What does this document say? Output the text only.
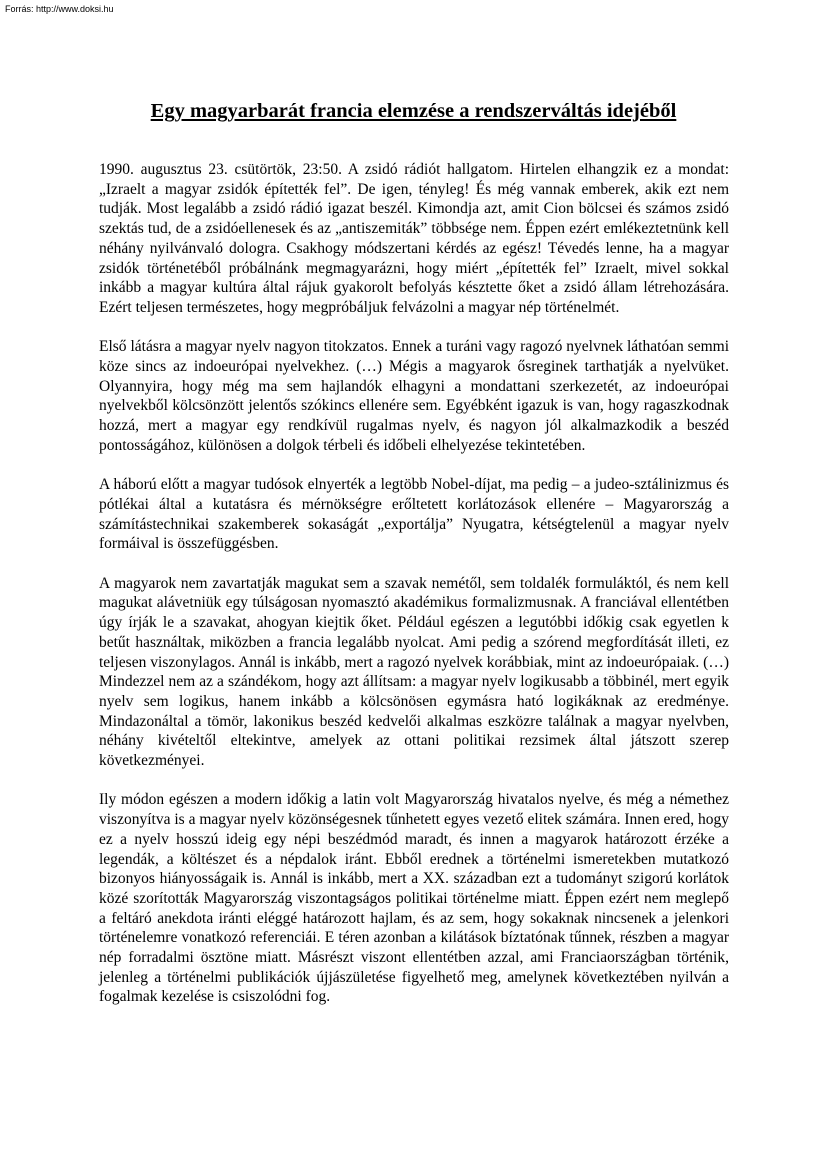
Forrás: http://www.doksi.hu
Egy magyarbarát francia elemzése a rendszerváltás idejéből

1990. augusztus 23. csütörtök, 23:50. A zsidó rádiót hallgatom. Hirtelen elhangzik ez a mondat: „Izraelt a magyar zsidók építették fel”. De igen, tényleg! És még vannak emberek, akik ezt nem tudják. Most legalább a zsidó rádió igazat beszél. Kimondja azt, amit Cion bölcsei és számos zsidó szektás tud, de a zsidóellenesek és az „antiszemiták” többsége nem. Éppen ezért emlékeztetnünk kell néhány nyilvánvaló dologra. Csakhogy módszertani kérdés az egész! Tévedés lenne, ha a magyar zsidók történetéből próbálnánk megmagyarázni, hogy miért „építették fel” Izraelt, mivel sokkal inkább a magyar kultúra által rájuk gyakorolt befolyás késztette őket a zsidó állam létrehozására. Ezért teljesen természetes, hogy megpróbáljuk felvázolni a magyar nép történelmét.

Első látásra a magyar nyelv nagyon titokzatos. Ennek a turáni vagy ragozó nyelvnek láthatóan semmi köze sincs az indoeurópai nyelvekhez. (…) Mégis a magyarok ősreginek tarthatják a nyelvüket. Olyannyira, hogy még ma sem hajlandók elhagyni a mondattani szerkezetét, az indoeurópai nyelvekből kölcsönzött jelentős szókincs ellenére sem. Egyébként igazuk is van, hogy ragaszkodnak hozzá, mert a magyar egy rendkívül rugalmas nyelv, és nagyon jól alkalmazkodik a beszéd pontosságához, különösen a dolgok térbeli és időbeli elhelyezése tekintetében.

A háború előtt a magyar tudósok elnyerték a legtöbb Nobel-díjat, ma pedig – a judeo-sztálinizmus és pótlékai által a kutatásra és mérnökségre erőltetett korlátozások ellenére – Magyarország a számítástechnikai szakemberek sokaságát „exportálja” Nyugatra, kétségtelenül a magyar nyelv formáival is összefüggésben.

A magyarok nem zavartatják magukat sem a szavak nemétől, sem toldalék formuláktól, és nem kell magukat alávetniük egy túlságosan nyomasztó akadémikus formalizmusnak. A franciával ellentétben úgy írják le a szavakat, ahogyan kiejtik őket. Például egészen a legutóbbi időkig csak egyetlen k betűt használtak, miközben a francia legalább nyolcat. Ami pedig a szórend megfordítását illeti, ez teljesen viszonylagos. Annál is inkább, mert a ragozó nyelvek korábbiak, mint az indoeurópaiak. (…) Mindezzel nem az a szándékom, hogy azt állítsam: a magyar nyelv logikusabb a többinél, mert egyik nyelv sem logikus, hanem inkább a kölcsönösen egymásra ható logikáknak az eredménye. Mindazonáltal a tömör, lakonikus beszéd kedvelői alkalmas eszközre találnak a magyar nyelvben, néhány kivételtől eltekintve, amelyek az ottani politikai rezsimek által játszott szerep következményei.

Ily módon egészen a modern időkig a latin volt Magyarország hivatalos nyelve, és még a némethez viszonyítva is a magyar nyelv közönségesnek tűnhetett egyes vezető elitek számára. Innen ered, hogy ez a nyelv hosszú ideig egy népi beszédmód maradt, és innen a magyarok határozott érzéke a legendák, a költészet és a népdalok iránt. Ebből erednek a történelmi ismeretekben mutatkozó bizonyos hiányosságaik is. Annál is inkább, mert a XX. században ezt a tudományt szigorú korlátok közé szorították Magyarország viszontagságos politikai történelme miatt. Éppen ezért nem meglepő a feltáró anekdota iránti eléggé határozott hajlam, és az sem, hogy sokaknak nincsenek a jelenkori történelemre vonatkozó referenciái. E téren azonban a kilátások bíztatónak tűnnek, részben a magyar nép forradalmi ösztöne miatt. Másrészt viszont ellentétben azzal, ami Franciaországban történik, jelenleg a történelmi publikációk újjászületése figyelhető meg, amelynek következtében nyilván a fogalmak kezelése is csiszolódni fog.
